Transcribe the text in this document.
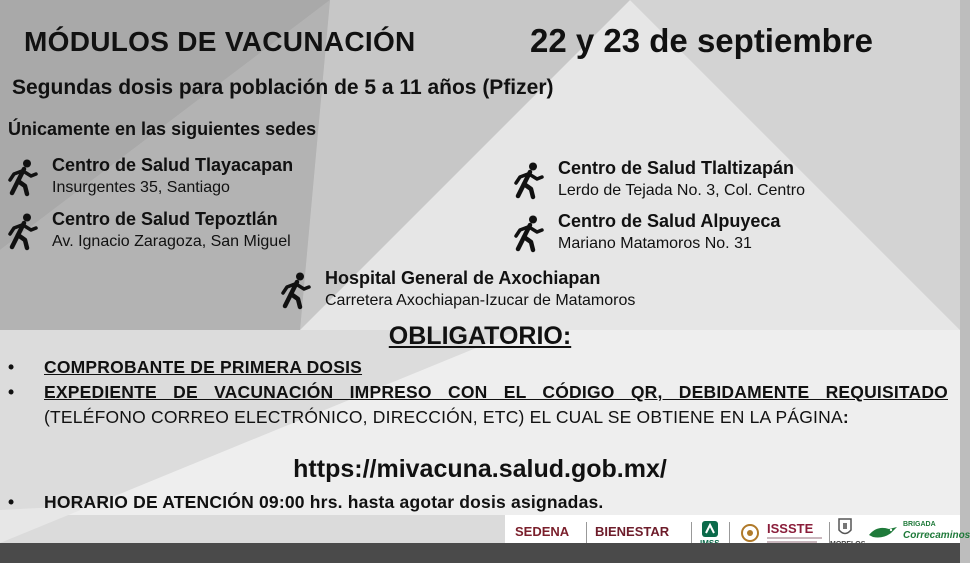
MÓDULOS DE VACUNACIÓN	22 y 23 de septiembre
Segundas dosis para población de 5 a 11 años (Pfizer)
Únicamente en las siguientes sedes
Centro de Salud Tlayacapan
Insurgentes 35, Santiago
Centro de Salud Tepoztlán
Av. Ignacio Zaragoza, San Miguel
Centro de Salud Tlaltizapán
Lerdo de Tejada No. 3, Col. Centro
Centro de Salud Alpuyeca
Mariano Matamoros No. 31
Hospital General de Axochiapan
Carretera Axochiapan-Izucar de Matamoros
OBLIGATORIO:
• COMPROBANTE DE PRIMERA DOSIS
• EXPEDIENTE DE VACUNACIÓN IMPRESO CON EL CÓDIGO QR, DEBIDAMENTE REQUISITADO (TELÉFONO CORREO ELECTRÓNICO, DIRECCIÓN, ETC) EL CUAL SE OBTIENE EN LA PÁGINA:
https://mivacuna.salud.gob.mx/
• HORARIO DE ATENCIÓN 09:00 hrs. hasta agotar dosis asignadas.
SEDENA BIENESTAR	ISSSTE	BRIGADA
Correcaminos
